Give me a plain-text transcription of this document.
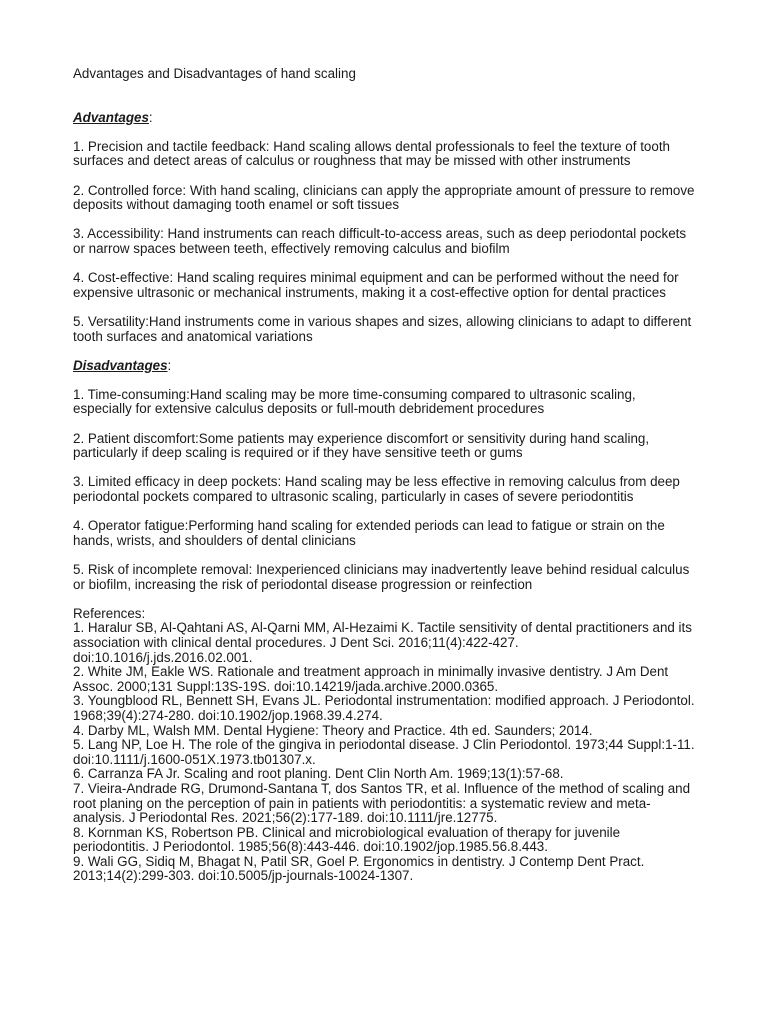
Advantages and Disadvantages of hand scaling

Advantages:

1. Precision and tactile feedback: Hand scaling allows dental professionals to feel the texture of tooth surfaces and detect areas of calculus or roughness that may be missed with other instruments

2. Controlled force: With hand scaling, clinicians can apply the appropriate amount of pressure to remove deposits without damaging tooth enamel or soft tissues

3. Accessibility: Hand instruments can reach difficult-to-access areas, such as deep periodontal pockets or narrow spaces between teeth, effectively removing calculus and biofilm

4. Cost-effective: Hand scaling requires minimal equipment and can be performed without the need for expensive ultrasonic or mechanical instruments, making it a cost-effective option for dental practices

5. Versatility:Hand instruments come in various shapes and sizes, allowing clinicians to adapt to different tooth surfaces and anatomical variations

Disadvantages:

1. Time-consuming:Hand scaling may be more time-consuming compared to ultrasonic scaling, especially for extensive calculus deposits or full-mouth debridement procedures

2. Patient discomfort:Some patients may experience discomfort or sensitivity during hand scaling, particularly if deep scaling is required or if they have sensitive teeth or gums

3. Limited efficacy in deep pockets: Hand scaling may be less effective in removing calculus from deep periodontal pockets compared to ultrasonic scaling, particularly in cases of severe periodontitis

4. Operator fatigue:Performing hand scaling for extended periods can lead to fatigue or strain on the hands, wrists, and shoulders of dental clinicians

5. Risk of incomplete removal: Inexperienced clinicians may inadvertently leave behind residual calculus or biofilm, increasing the risk of periodontal disease progression or reinfection

References:

1. Haralur SB, Al-Qahtani AS, Al-Qarni MM, Al-Hezaimi K. Tactile sensitivity of dental practitioners and its association with clinical dental procedures. J Dent Sci. 2016;11(4):422-427. doi:10.1016/j.jds.2016.02.001.

2. White JM, Eakle WS. Rationale and treatment approach in minimally invasive dentistry. J Am Dent Assoc. 2000;131 Suppl:13S-19S. doi:10.14219/jada.archive.2000.0365.

3. Youngblood RL, Bennett SH, Evans JL. Periodontal instrumentation: modified approach. J Periodontol. 1968;39(4):274-280. doi:10.1902/jop.1968.39.4.274.

4. Darby ML, Walsh MM. Dental Hygiene: Theory and Practice. 4th ed. Saunders; 2014.

5. Lang NP, Loe H. The role of the gingiva in periodontal disease. J Clin Periodontol. 1973;44 Suppl:1-11. doi:10.1111/j.1600-051X.1973.tb01307.x.

6. Carranza FA Jr. Scaling and root planing. Dent Clin North Am. 1969;13(1):57-68.

7. Vieira-Andrade RG, Drumond-Santana T, dos Santos TR, et al. Influence of the method of scaling and root planing on the perception of pain in patients with periodontitis: a systematic review and meta-analysis. J Periodontal Res. 2021;56(2):177-189. doi:10.1111/jre.12775.

8. Kornman KS, Robertson PB. Clinical and microbiological evaluation of therapy for juvenile periodontitis. J Periodontol. 1985;56(8):443-446. doi:10.1902/jop.1985.56.8.443.

9. Wali GG, Sidiq M, Bhagat N, Patil SR, Goel P. Ergonomics in dentistry. J Contemp Dent Pract. 2013;14(2):299-303. doi:10.5005/jp-journals-10024-1307.
